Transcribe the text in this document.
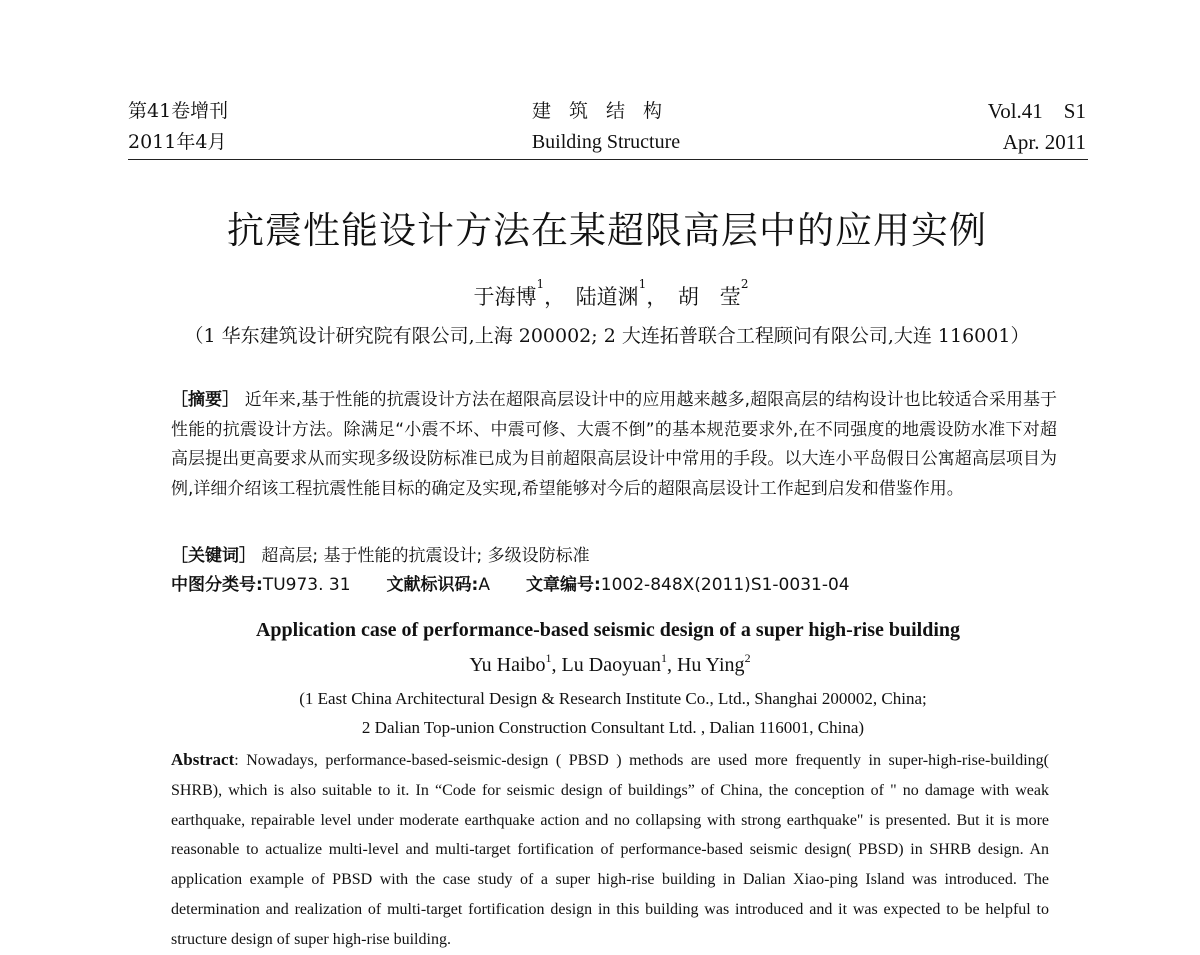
第41卷增刊
2011年4月
建筑结构
Building Structure
Vol.41　S1
Apr. 2011
抗震性能设计方法在某超限高层中的应用实例
于海博$^1$，　陆道渊$^1$，　胡　莹$^2$
（1 华东建筑设计研究院有限公司,上海 200002; 2 大连拓普联合工程顾问有限公司,大连 116001）
［摘要］ 近年来,基于性能的抗震设计方法在超限高层设计中的应用越来越多,超限高层的结构设计也比较适合采用基于性能的抗震设计方法。除满足“小震不坏、中震可修、大震不倒”的基本规范要求外,在不同强度的地震设防水准下对超高层提出更高要求从而实现多级设防标准已成为目前超限高层设计中常用的手段。以大连小平岛假日公寓超高层项目为例,详细介绍该工程抗震性能目标的确定及实现,希望能够对今后的超限高层设计工作起到启发和借鉴作用。
［关键词］ 超高层; 基于性能的抗震设计; 多级设防标准
中图分类号:TU973. 31 文献标识码:A 文章编号:1002-848X(2011)S1-0031-04
Application case of performance-based seismic design of a super high-rise building
Yu Haibo$^1$, Lu Daoyuan$^1$, Hu Ying$^2$
(1 East China Architectural Design & Research Institute Co., Ltd., Shanghai 200002, China;
2 Dalian Top-union Construction Consultant Ltd. , Dalian 116001, China)
Abstract: Nowadays, performance-based-seismic-design ( PBSD ) methods are used more frequently in super-high-rise-building( SHRB), which is also suitable to it. In “Code for seismic design of buildings” of China, the conception of " no damage with weak earthquake, repairable level under moderate earthquake action and no collapsing with strong earthquake" is presented. But it is more reasonable to actualize multi-level and multi-target fortification of performance-based seismic design( PBSD) in SHRB design. An application example of PBSD with the case study of a super high-rise building in Dalian Xiao-ping Island was introduced. The determination and realization of multi-target fortification design in this building was introduced and it was expected to be helpful to structure design of super high-rise building.
